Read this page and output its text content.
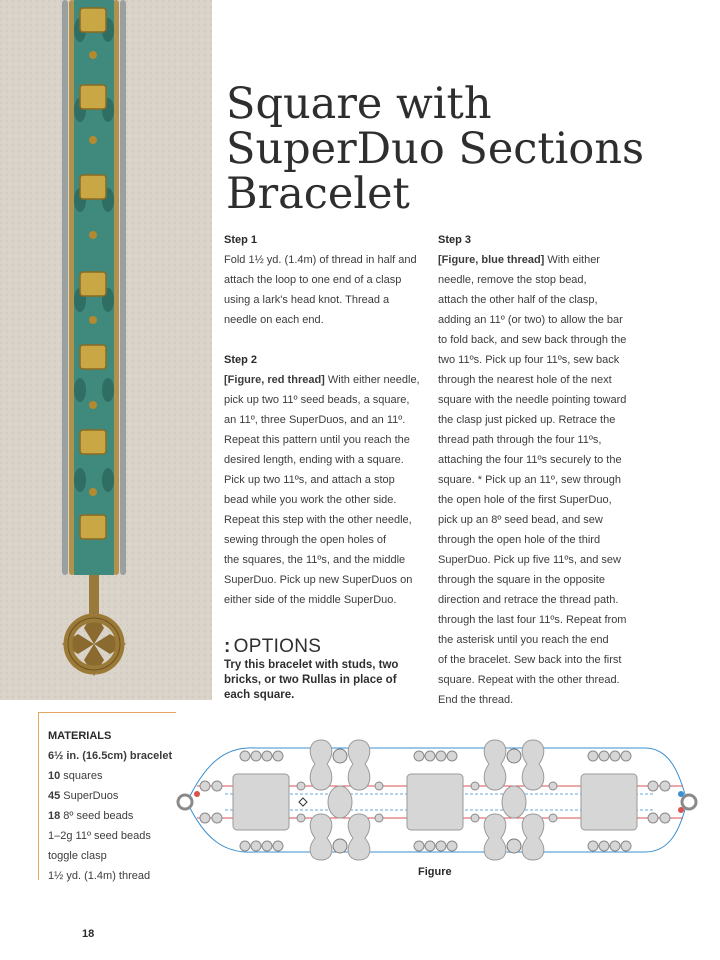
Square with
SuperDuo Sections
Bracelet
Step 1
Fold 1½ yd. (1.4m) of thread in half and
attach the loop to one end of a clasp
using a lark's head knot. Thread a
needle on each end.
Step 2
[Figure, red thread] With either needle,
pick up two 11º seed beads, a square,
an 11º, three SuperDuos, and an 11º.
Repeat this pattern until you reach the
desired length, ending with a square.
Pick up two 11ºs, and attach a stop
bead while you work the other side.
Repeat this step with the other needle,
sewing through the open holes of
the squares, the 11ºs, and the middle
SuperDuo. Pick up new SuperDuos on
either side of the middle SuperDuo.
Step 3
[Figure, blue thread] With either
needle, remove the stop bead,
attach the other half of the clasp,
adding an 11º (or two) to allow the bar
to fold back, and sew back through the
two 11ºs. Pick up four 11ºs, sew back
through the nearest hole of the next
square with the needle pointing toward
the clasp just picked up. Retrace the
thread path through the four 11ºs,
attaching the four 11ºs securely to the
square. * Pick up an 11º, sew through
the open hole of the first SuperDuo,
pick up an 8º seed bead, and sew
through the open hole of the third
SuperDuo. Pick up five 11ºs, and sew
through the square in the opposite
direction and retrace the thread path.
through the last four 11ºs. Repeat from
the asterisk until you reach the end
of the bracelet. Sew back into the first
square. Repeat with the other thread.
End the thread.
: OPTIONS
Try this bracelet with studs, two
bricks, or two Rullas in place of
each square.
MATERIALS
6½ in. (16.5cm) bracelet
10 squares
45 SuperDuos
18 8º seed beads
1–2g 11º seed beads
toggle clasp
1½ yd. (1.4m) thread	Figure
18
